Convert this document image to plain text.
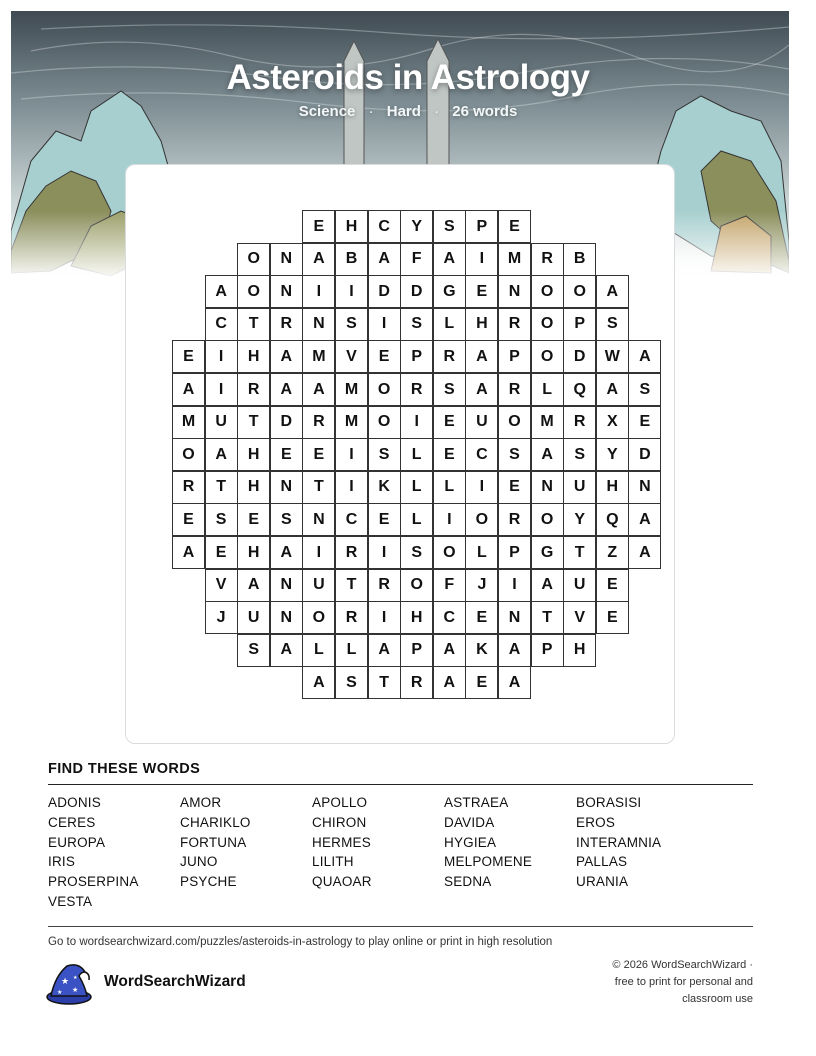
Asteroids in Astrology
Science · Hard · 26 words
E	H	C	Y	S	P	E
O	N	A	B	A	F	A	I	M	R	B
A	O	N	I	I	D	D	G	E	N	O	O	A
C	T	R	N	S	I	S	L	H	R	O	P	S
E	I	H	A	M	V	E	P	R	A	P	O	D	W	A
A	I	R	A	A	M	O	R	S	A	R	L	Q	A	S
M	U	T	D	R	M	O	I	E	U	O	M	R	X	E
O	A	H	E	E	I	S	L	E	C	S	A	S	Y	D
R	T	H	N	T	I	K	L	L	I	E	N	U	H	N
E	S	E	S	N	C	E	L	I	O	R	O	Y	Q	A
A	E	H	A	I	R	I	S	O	L	P	G	T	Z	A
V	A	N	U	T	R	O	F	J	I	A	U	E
J	U	N	O	R	I	H	C	E	N	T	V	E
S	A	L	L	A	P	A	K	A	P	H
A	S	T	R	A	E	A
FIND THESE WORDS
ADONIS	AMOR	APOLLO	ASTRAEA	BORASISI
CERES	CHARIKLO	CHIRON	DAVIDA	EROS
EUROPA	FORTUNA	HERMES	HYGIEA	INTERAMNIA
IRIS	JUNO	LILITH	MELPOMENE	PALLAS
PROSERPINA	PSYCHE	QUAOAR	SEDNA	URANIA
VESTA
Go to wordsearchwizard.com/puzzles/asteroids-in-astrology to play online or print in high resolution
★
★
★
★ WordSearchWizard
© 2026 WordSearchWizard ·
free to print for personal and
classroom use
